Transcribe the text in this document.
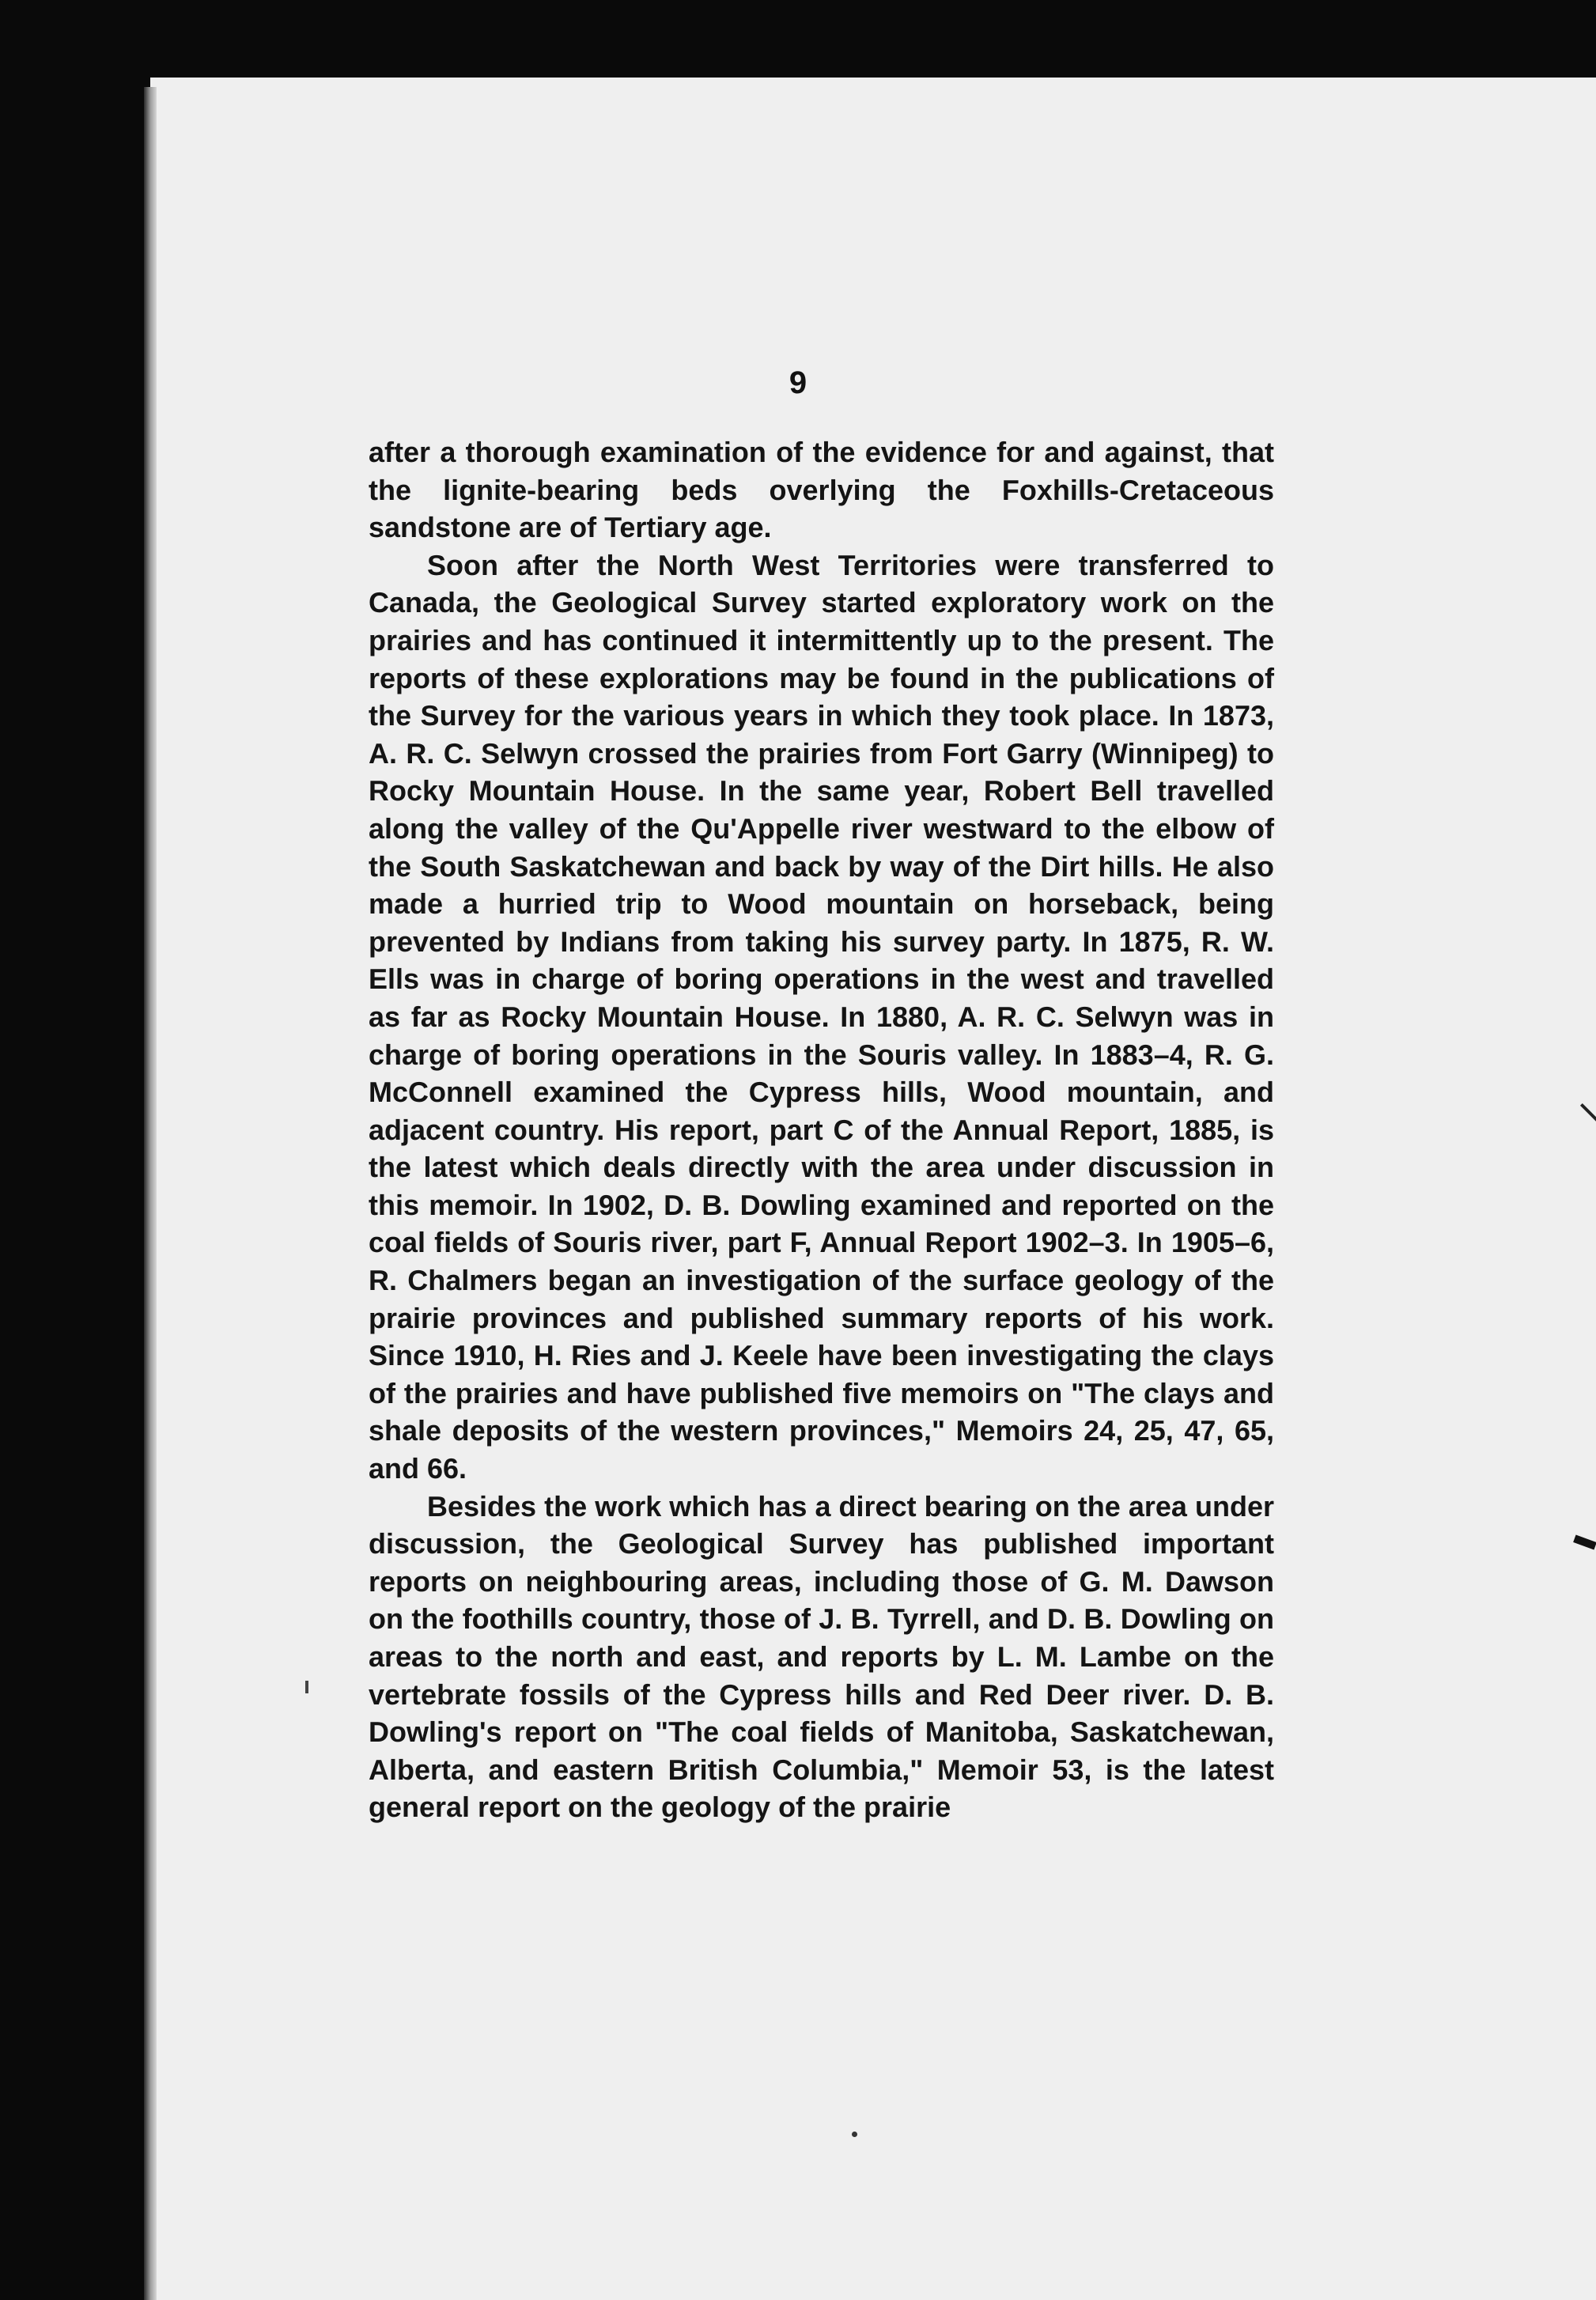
9

after a thorough examination of the evidence for and against, that the lignite-bearing beds overlying the Foxhills-Cretaceous sandstone are of Tertiary age.

Soon after the North West Territories were transferred to Canada, the Geological Survey started exploratory work on the prairies and has continued it intermittently up to the present. The reports of these explorations may be found in the publications of the Survey for the various years in which they took place. In 1873, A. R. C. Selwyn crossed the prairies from Fort Garry (Winnipeg) to Rocky Mountain House. In the same year, Robert Bell travelled along the valley of the Qu'Appelle river westward to the elbow of the South Saskatchewan and back by way of the Dirt hills. He also made a hurried trip to Wood mountain on horseback, being prevented by Indians from taking his survey party. In 1875, R. W. Ells was in charge of boring operations in the west and travelled as far as Rocky Mountain House. In 1880, A. R. C. Selwyn was in charge of boring operations in the Souris valley. In 1883–4, R. G. McConnell examined the Cypress hills, Wood mountain, and adjacent country. His report, part C of the Annual Report, 1885, is the latest which deals directly with the area under discussion in this memoir. In 1902, D. B. Dowling examined and reported on the coal fields of Souris river, part F, Annual Report 1902–3. In 1905–6, R. Chalmers began an investigation of the surface geology of the prairie provinces and published summary reports of his work. Since 1910, H. Ries and J. Keele have been investigating the clays of the prairies and have published five memoirs on "The clays and shale deposits of the western provinces," Memoirs 24, 25, 47, 65, and 66.

Besides the work which has a direct bearing on the area under discussion, the Geological Survey has published important reports on neighbouring areas, including those of G. M. Dawson on the foothills country, those of J. B. Tyrrell, and D. B. Dowling on areas to the north and east, and reports by L. M. Lambe on the vertebrate fossils of the Cypress hills and Red Deer river. D. B. Dowling's report on "The coal fields of Manitoba, Saskatchewan, Alberta, and eastern British Columbia," Memoir 53, is the latest general report on the geology of the prairie
